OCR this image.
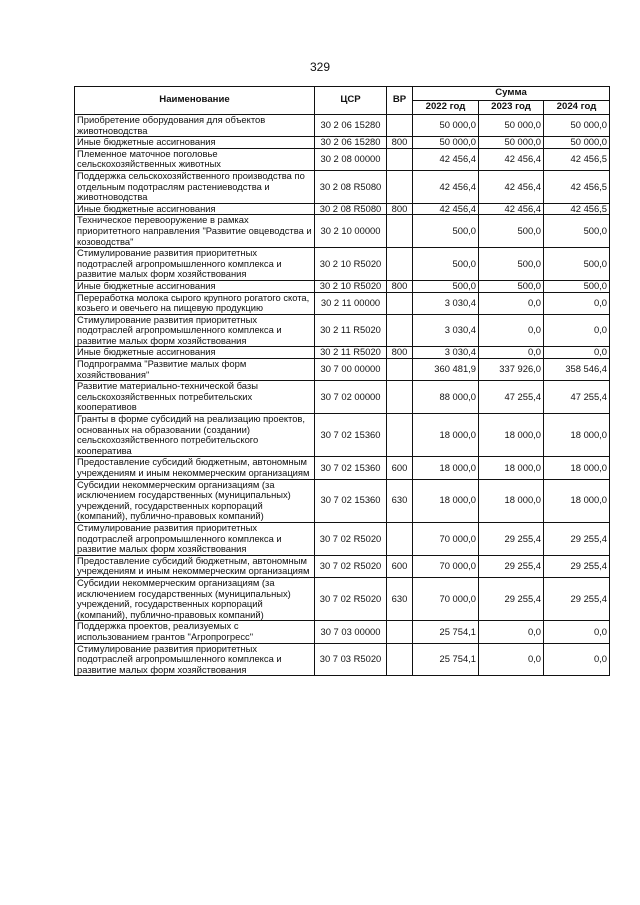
329
Наименование	ЦСР	ВР	Сумма		
			2022 год	2023 год	2024 год
Приобретение оборудования для объектов животноводства	30 2 06 15280		50 000,0	50 000,0	50 000,0
Иные бюджетные ассигнования	30 2 06 15280	800	50 000,0	50 000,0	50 000,0
Племенное маточное поголовье сельскохозяйственных животных	30 2 08 00000		42 456,4	42 456,4	42 456,5
Поддержка сельскохозяйственного производства по отдельным подотраслям растениеводства и животноводства	30 2 08 R5080		42 456,4	42 456,4	42 456,5
Иные бюджетные ассигнования	30 2 08 R5080	800	42 456,4	42 456,4	42 456,5
Техническое перевооружение в рамках приоритетного направления "Развитие овцеводства и козоводства"	30 2 10 00000		500,0	500,0	500,0
Стимулирование развития приоритетных подотраслей агропромышленного комплекса и развитие малых форм хозяйствования	30 2 10 R5020		500,0	500,0	500,0
Иные бюджетные ассигнования	30 2 10 R5020	800	500,0	500,0	500,0
Переработка молока сырого крупного рогатого скота, козьего и овечьего на пищевую продукцию	30 2 11 00000		3 030,4	0,0	0,0
Стимулирование развития приоритетных подотраслей агропромышленного комплекса и развитие малых форм хозяйствования	30 2 11 R5020		3 030,4	0,0	0,0
Иные бюджетные ассигнования	30 2 11 R5020	800	3 030,4	0,0	0,0
Подпрограмма "Развитие малых форм хозяйствования"	30 7 00 00000		360 481,9	337 926,0	358 546,4
Развитие материально-технической базы сельскохозяйственных потребительских кооперативов	30 7 02 00000		88 000,0	47 255,4	47 255,4
Гранты в форме субсидий на реализацию проектов, основанных на образовании (создании) сельскохозяйственного потребительского кооператива	30 7 02 15360		18 000,0	18 000,0	18 000,0
Предоставление субсидий бюджетным, автономным учреждениям и иным некоммерческим организациям	30 7 02 15360	600	18 000,0	18 000,0	18 000,0
Субсидии некоммерческим организациям (за исключением государственных (муниципальных) учреждений, государственных корпораций (компаний), публично-правовых компаний)	30 7 02 15360	630	18 000,0	18 000,0	18 000,0
Стимулирование развития приоритетных подотраслей агропромышленного комплекса и развитие малых форм хозяйствования	30 7 02 R5020		70 000,0	29 255,4	29 255,4
Предоставление субсидий бюджетным, автономным учреждениям и иным некоммерческим организациям	30 7 02 R5020	600	70 000,0	29 255,4	29 255,4
Субсидии некоммерческим организациям (за исключением государственных (муниципальных) учреждений, государственных корпораций (компаний), публично-правовых компаний)	30 7 02 R5020	630	70 000,0	29 255,4	29 255,4
Поддержка проектов, реализуемых с использованием грантов "Агропрогресс"	30 7 03 00000		25 754,1	0,0	0,0
Стимулирование развития приоритетных подотраслей агропромышленного комплекса и развитие малых форм хозяйствования	30 7 03 R5020		25 754,1	0,0	0,0
